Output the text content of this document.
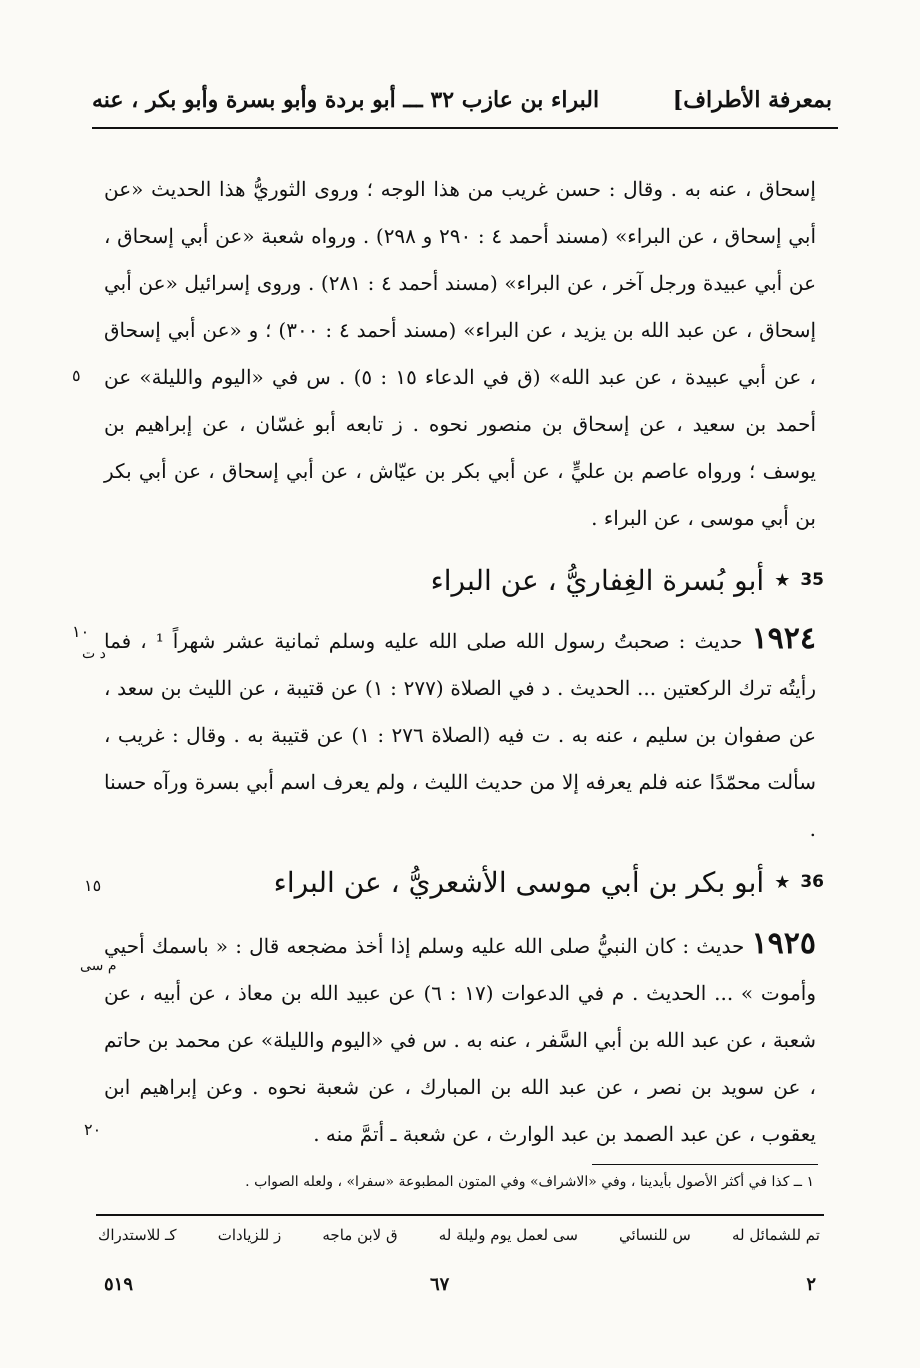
بمعرفة الأطراف]
البراء بن عازب ٣٢ ـــ أبو بردة وأبو بسرة وأبو بكر ، عنه
إسحاق ، عنه به . وقال : حسن غريب من هذا الوجه ؛ وروى الثوريُّ هذا الحديث «عن أبي إسحاق ، عن البراء» (مسند أحمد ٤ : ٢٩٠ و ٢٩٨) . ورواه شعبة «عن أبي إسحاق ، عن أبي عبيدة ورجل آخر ، عن البراء» (مسند أحمد ٤ : ٢٨١) . وروى إسرائيل «عن أبي إسحاق ، عن عبد الله بن يزيد ، عن البراء» (مسند أحمد ٤ : ٣٠٠) ؛ و «عن أبي إسحاق ، عن أبي عبيدة ، عن عبد الله» (ق في الدعاء ١٥ : ٥) . س في «اليوم والليلة» عن أحمد بن سعيد ، عن إسحاق بن منصور نحوه . ز تابعه أبو غسّان ، عن إبراهيم بن يوسف ؛ ورواه عاصم بن عليٍّ ، عن أبي بكر بن عيّاش ، عن أبي إسحاق ، عن أبي بكر بن أبي موسى ، عن البراء .
35
★
أبو بُسرة الغِفاريُّ ، عن البراء
١٩٢٤ حديث : صحبتُ رسول الله صلى الله عليه وسلم ثمانية عشر شهراً ¹ ، فما رأيتُه ترك الركعتين ... الحديث . د في الصلاة (٢٧٧ : ١) عن قتيبة ، عن الليث بن سعد ، عن صفوان بن سليم ، عنه به . ت فيه (الصلاة ٢٧٦ : ١) عن قتيبة به . وقال : غريب ، سألت محمّدًا عنه فلم يعرفه إلا من حديث الليث ، ولم يعرف اسم أبي بسرة ورآه حسنا .
36
★
أبو بكر بن أبي موسى الأشعريُّ ، عن البراء
١٩٢٥ حديث : كان النبيُّ صلى الله عليه وسلم إذا أخذ مضجعه قال : « باسمك أحيي وأموت » ... الحديث . م في الدعوات (١٧ : ٦) عن عبيد الله بن معاذ ، عن أبيه ، عن شعبة ، عن عبد الله بن أبي السَّفر ، عنه به . س في «اليوم والليلة» عن محمد بن حاتم ، عن سويد بن نصر ، عن عبد الله بن المبارك ، عن شعبة نحوه . وعن إبراهيم ابن يعقوب ، عن عبد الصمد بن عبد الوارث ، عن شعبة ـ أتمَّ منه .
٥
١٠
د ت
١٥
م سى
٢٠
١ ــ كذا في أكثر الأصول بأيدينا ، وفي «الاشراف» وفي المتون المطبوعة «سفرا» ، ولعله الصواب .
تم للشمائل له
س للنسائي
سى لعمل يوم وليلة له
ق لابن ماجه
ز للزيادات
كـ للاستدراك
٢
٦٧
٥١٩
